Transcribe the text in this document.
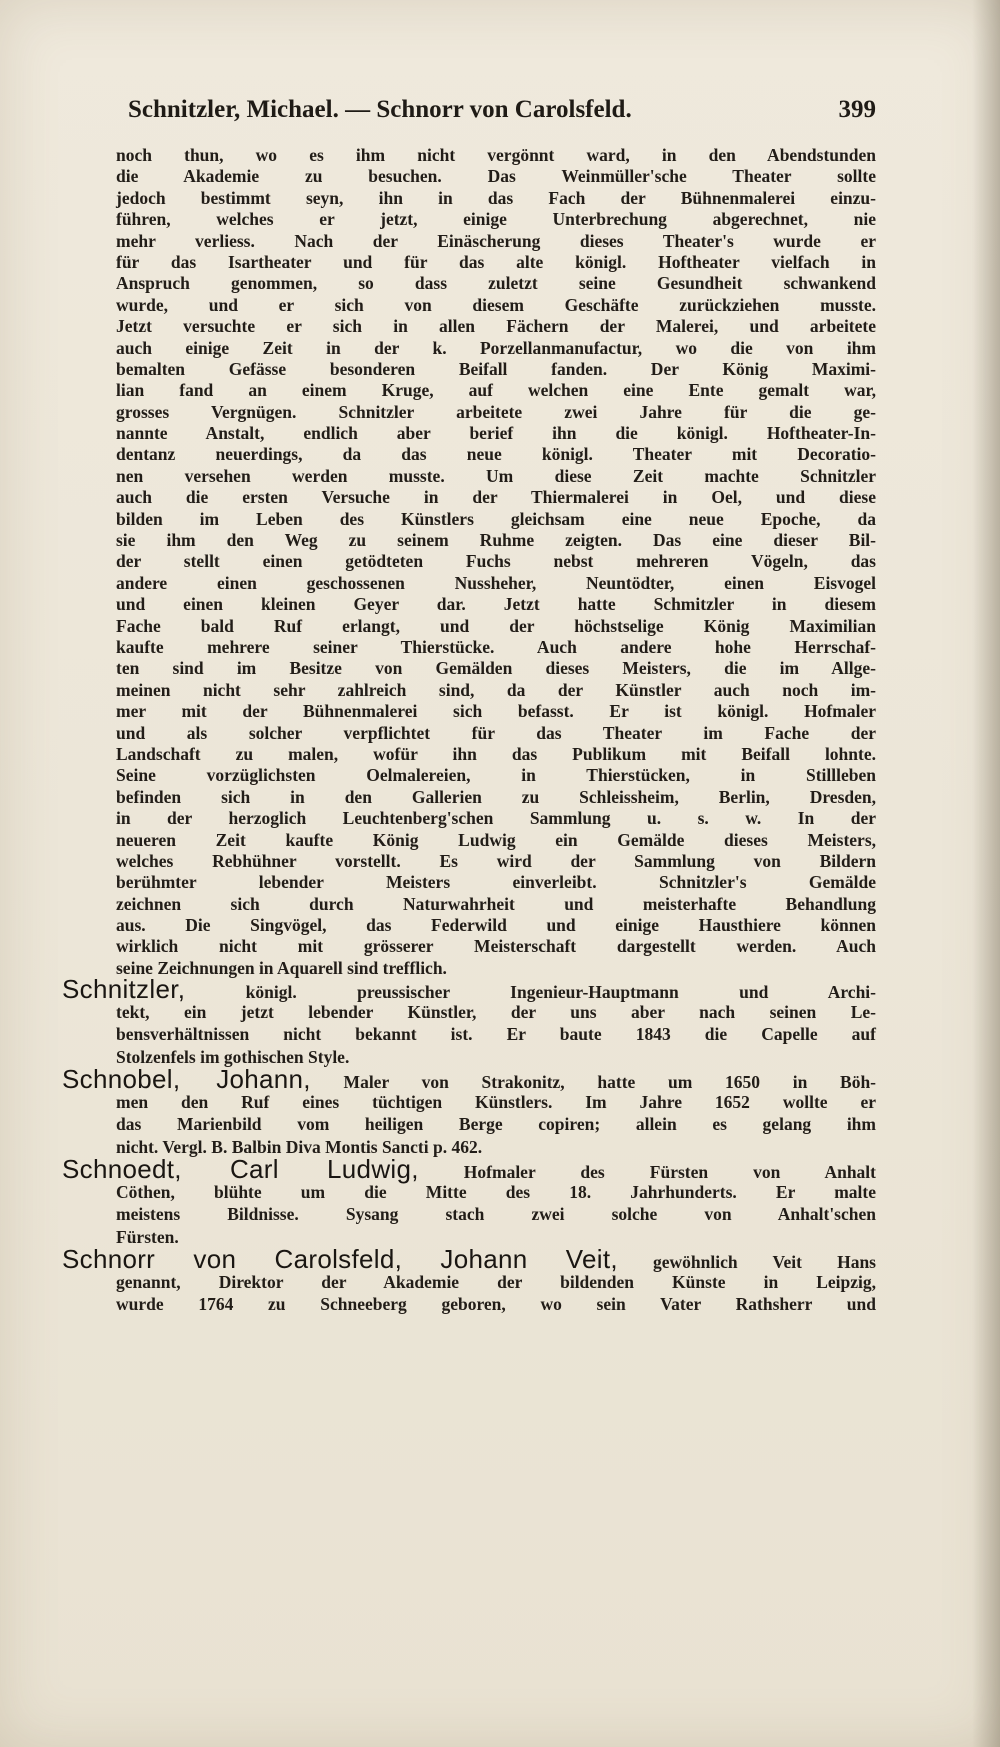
Schnitzler, Michael. — Schnorr von Carolsfeld.	399

noch thun, wo es ihm nicht vergönnt ward, in den Abendstunden
die Akademie zu besuchen. Das Weinmüller'sche Theater sollte
jedoch bestimmt seyn, ihn in das Fach der Bühnenmalerei einzu-
führen, welches er jetzt, einige Unterbrechung abgerechnet, nie
mehr verliess. Nach der Einäscherung dieses Theater's wurde er
für das Isartheater und für das alte königl. Hoftheater vielfach in
Anspruch genommen, so dass zuletzt seine Gesundheit schwankend
wurde, und er sich von diesem Geschäfte zurückziehen musste.
Jetzt versuchte er sich in allen Fächern der Malerei, und arbeitete
auch einige Zeit in der k. Porzellanmanufactur, wo die von ihm
bemalten Gefässe besonderen Beifall fanden. Der König Maximi-
lian fand an einem Kruge, auf welchen eine Ente gemalt war,
grosses Vergnügen. Schnitzler arbeitete zwei Jahre für die ge-
nannte Anstalt, endlich aber berief ihn die königl. Hoftheater-In-
dentanz neuerdings, da das neue königl. Theater mit Decoratio-
nen versehen werden musste. Um diese Zeit machte Schnitzler
auch die ersten Versuche in der Thiermalerei in Oel, und diese
bilden im Leben des Künstlers gleichsam eine neue Epoche, da
sie ihm den Weg zu seinem Ruhme zeigten. Das eine dieser Bil-
der stellt einen getödteten Fuchs nebst mehreren Vögeln, das
andere einen geschossenen Nussheher, Neuntödter, einen Eisvogel
und einen kleinen Geyer dar. Jetzt hatte Schmitzler in diesem
Fache bald Ruf erlangt, und der höchstselige König Maximilian
kaufte mehrere seiner Thierstücke. Auch andere hohe Herrschaf-
ten sind im Besitze von Gemälden dieses Meisters, die im Allge-
meinen nicht sehr zahlreich sind, da der Künstler auch noch im-
mer mit der Bühnenmalerei sich befasst. Er ist königl. Hofmaler
und als solcher verpflichtet für das Theater im Fache der
Landschaft zu malen, wofür ihn das Publikum mit Beifall lohnte.
Seine vorzüglichsten Oelmalereien, in Thierstücken, in Stillleben
befinden sich in den Gallerien zu Schleissheim, Berlin, Dresden,
in der herzoglich Leuchtenberg'schen Sammlung u. s. w. In der
neueren Zeit kaufte König Ludwig ein Gemälde dieses Meisters,
welches Rebhühner vorstellt. Es wird der Sammlung von Bildern
berühmter lebender Meisters einverleibt. Schnitzler's Gemälde
zeichnen sich durch Naturwahrheit und meisterhafte Behandlung
aus. Die Singvögel, das Federwild und einige Hausthiere können
wirklich nicht mit grösserer Meisterschaft dargestellt werden. Auch
seine Zeichnungen in Aquarell sind trefflich.

Schnitzler,	königl. preussischer Ingenieur-Hauptmann und Archi-
tekt, ein jetzt lebender Künstler, der uns aber nach seinen Le-
bensverhältnissen nicht bekannt ist. Er baute 1843 die Capelle auf
Stolzenfels im gothischen Style.

Schnobel, Johann, Maler von Strakonitz, hatte um 1650 in Böh-
men den Ruf eines tüchtigen Künstlers. Im Jahre 1652 wollte er
das Marienbild vom heiligen Berge copiren; allein es gelang ihm
nicht. Vergl. B. Balbin Diva Montis Sancti p. 462.

Schnoedt, Carl Ludwig,	Hofmaler des Fürsten von Anhalt
Cöthen, blühte um die Mitte des 18. Jahrhunderts. Er malte
meistens Bildnisse. Sysang stach zwei solche von Anhalt'schen
Fürsten.

Schnorr von Carolsfeld, Johann Veit, gewöhnlich Veit Hans
genannt, Direktor der Akademie der bildenden Künste in Leipzig,
wurde 1764 zu Schneeberg geboren, wo sein Vater Rathsherr und
